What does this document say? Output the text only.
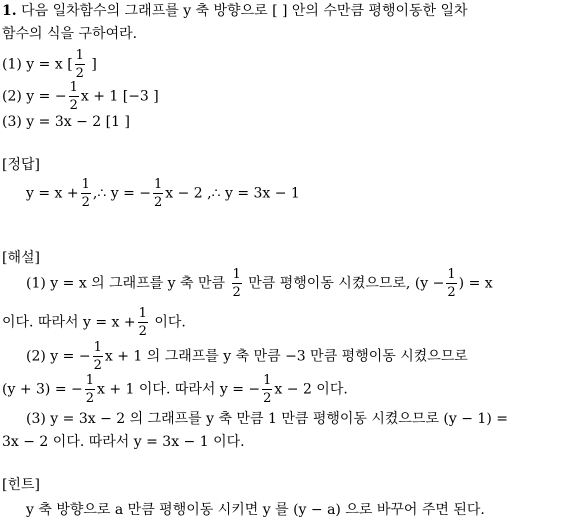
1. 다음 일차함수의 그래프를 y 축 방향으로 [ ] 안의 수만큼 평행이동한 일차
함수의 식을 구하여라.
(1) y = x [ $\frac{1}{2}$ ]
(2) y = − $\frac{1}{2}$ x + 1 [−3 ]
(3) y = 3x − 2 [1 ]
[정답]
$y = x + \frac{1}{2}$ ,∴ y = − $\frac{1}{2}$ x − 2 ,∴ y = 3x − 1
[해설]
(1) y = x 의 그래프를 y 축 만큼 $\frac{1}{2}$ 만큼 평행이동 시켰으므로, ($y - \frac{1}{2}$ ) = x
이다. 따라서 $y = x + \frac{1}{2}$ 이다.
(2) y = − $\frac{1}{2}$ x + 1 의 그래프를 y 축 만큼 −3 만큼 평행이동 시켰으므로
(y + 3) = − $\frac{1}{2}$ x + 1 이다. 따라서 y = − $\frac{1}{2}$ x − 2 이다.
(3) y = 3x − 2 의 그래프를 y 축 만큼 1 만큼 평행이동 시켰으므로 (y − 1) =
3x − 2 이다. 따라서 y = 3x − 1 이다.
[힌트]
y 축 방향으로 a 만큼 평행이동 시키면 y 를 (y − a) 으로 바꾸어 주면 된다.
